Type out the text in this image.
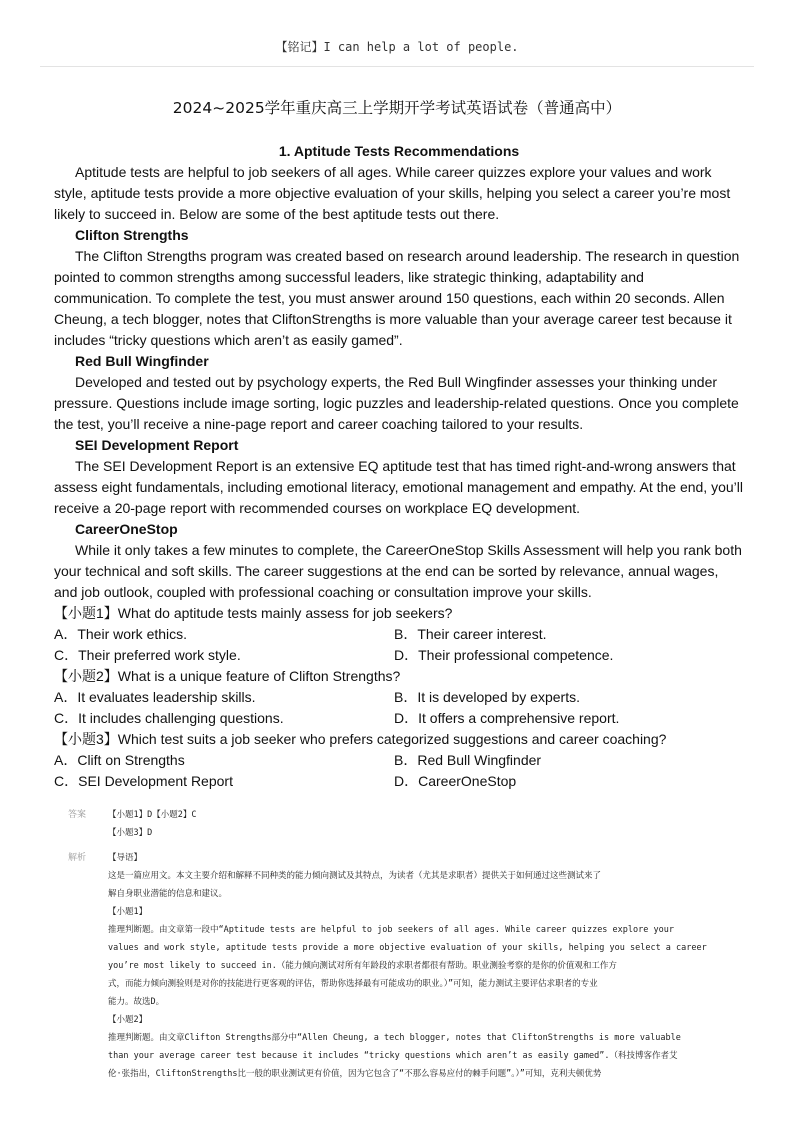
【铭记】I can help a lot of people.
2024~2025学年重庆高三上学期开学考试英语试卷（普通高中）

1. Aptitude Tests Recommendations

Aptitude tests are helpful to job seekers of all ages. While career quizzes explore your values and work style, aptitude tests provide a more objective evaluation of your skills, helping you select a career you’re most likely to succeed in. Below are some of the best aptitude tests out there.

Clifton Strengths

The Clifton Strengths program was created based on research around leadership. The research in question pointed to common strengths among successful leaders, like strategic thinking, adaptability and communication. To complete the test, you must answer around 150 questions, each within 20 seconds. Allen Cheung, a tech blogger, notes that CliftonStrengths is more valuable than your average career test because it includes “tricky questions which aren’t as easily gamed”.

Red Bull Wingfinder

Developed and tested out by psychology experts, the Red Bull Wingfinder assesses your thinking under pressure. Questions include image sorting, logic puzzles and leadership-related questions. Once you complete the test, you’ll receive a nine-page report and career coaching tailored to your results.

SEI Development Report

The SEI Development Report is an extensive EQ aptitude test that has timed right-and-wrong answers that assess eight fundamentals, including emotional literacy, emotional management and empathy. At the end, you’ll receive a 20-page report with recommended courses on workplace EQ development.

CareerOneStop

While it only takes a few minutes to complete, the CareerOneStop Skills Assessment will help you rank both your technical and soft skills. The career suggestions at the end can be sorted by relevance, annual wages, and job outlook, coupled with professional coaching or consultation improve your skills.

【小题1】What do aptitude tests mainly assess for job seekers?

A．Their work ethics.	B．Their career interest.
C．Their preferred work style.	D．Their professional competence.

【小题2】What is a unique feature of Clifton Strengths?

A．It evaluates leadership skills.	B．It is developed by experts.
C．It includes challenging questions.	D．It offers a comprehensive report.

【小题3】Which test suits a job seeker who prefers categorized suggestions and career coaching?

A．Clift on Strengths	B．Red Bull Wingfinder
C．SEI Development Report	D．CareerOneStop
答案	【小题1】D【小题2】C

【小题3】D

解析	【导语】

这是一篇应用文。本文主要介绍和解释不同种类的能力倾向测试及其特点，为读者（尤其是求职者）提供关于如何通过这些测试来了

解自身职业潜能的信息和建议。

【小题1】

推理判断题。由文章第一段中“Aptitude tests are helpful to job seekers of all ages. While career quizzes explore your

values and work style, aptitude tests provide a more objective evaluation of your skills, helping you select a career

you’re most likely to succeed in.（能力倾向测试对所有年龄段的求职者都很有帮助。职业测验考察的是你的价值观和工作方

式，而能力倾向测验则是对你的技能进行更客观的评估，帮助你选择最有可能成功的职业。）”可知，能力测试主要评估求职者的专业

能力。故选D。

【小题2】

推理判断题。由文章Clifton Strengths部分中“Allen Cheung, a tech blogger, notes that CliftonStrengths is more valuable

than your average career test because it includes “tricky questions which aren’t as easily gamed”.（科技博客作者艾

伦·张指出，CliftonStrengths比一般的职业测试更有价值，因为它包含了“不那么容易应付的棘手问题”。）”可知，克利夫顿优势
